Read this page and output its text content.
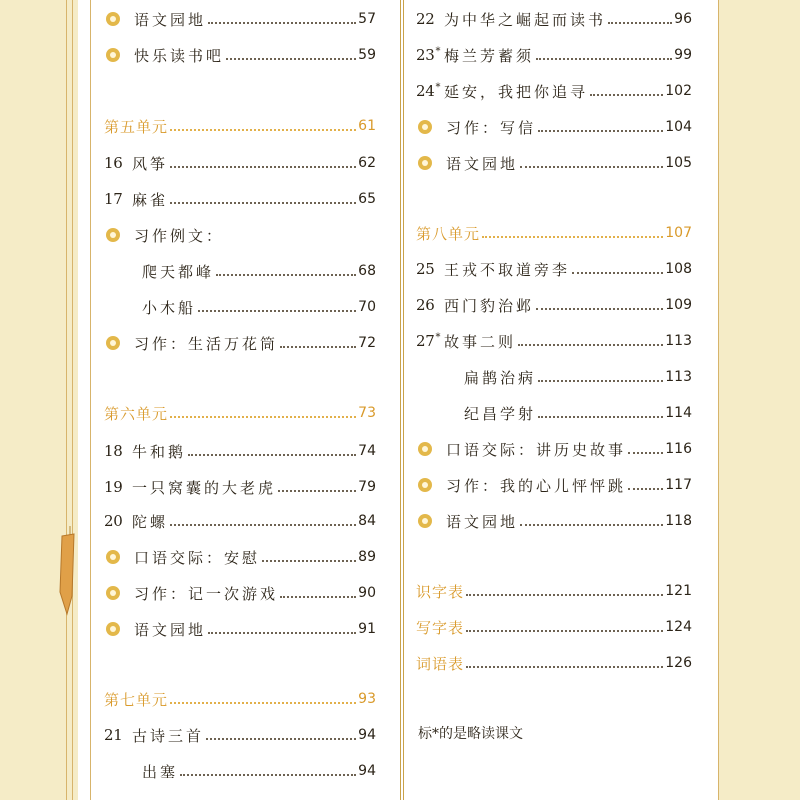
语文园地	57
快乐读书吧	59
第五单元	61
16 风筝	62
17 麻雀	65
习作例文：
爬天都峰	68
小木船	70
习作：生活万花筒	72
第六单元	73
18 牛和鹅	74
19 一只窝囊的大老虎	79
20 陀螺	84
口语交际：安慰	89
习作：记一次游戏	90
语文园地	91
第七单元	93
21 古诗三首	94
出塞	94
22 为中华之崛起而读书	96
23* 梅兰芳蓄须	99
24* 延安，我把你追寻	102
习作：写信	104
语文园地	105
第八单元	107
25 王戎不取道旁李	108
26 西门豹治邺	109
27* 故事二则	113
扁鹊治病	113
纪昌学射	114
口语交际：讲历史故事	116
习作：我的心儿怦怦跳	117
语文园地	118
识字表	121
写字表	124
词语表	126
标*的是略读课文
